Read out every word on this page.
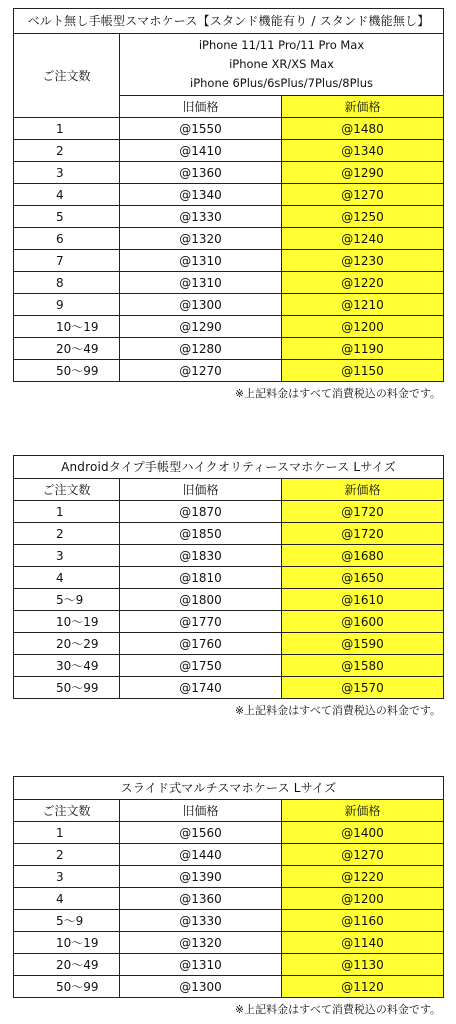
ベルト無し手帳型スマホケース【スタンド機能有り / スタンド機能無し】		
ご注文数	iPhone 11/11 Pro/11 Pro Max
iPhone XR/XS Max
iPhone 6Plus/6sPlus/7Plus/8Plus	

	旧価格	新価格
1	@1550	@1480
2	@1410	@1340
3	@1360	@1290
4	@1340	@1270
5	@1330	@1250
6	@1320	@1240
7	@1310	@1230
8	@1310	@1220
9	@1300	@1210
10〜19	@1290	@1200
20〜49	@1280	@1190
50〜99	@1270	@1150
※上記料金はすべて消費税込の料金です。
Androidタイプ手帳型ハイクオリティースマホケース Lサイズ		
ご注文数	旧価格	新価格
1	@1870	@1720
2	@1850	@1720
3	@1830	@1680
4	@1810	@1650
5〜9	@1800	@1610
10〜19	@1770	@1600
20〜29	@1760	@1590
30〜49	@1750	@1580
50〜99	@1740	@1570
※上記料金はすべて消費税込の料金です。
スライド式マルチスマホケース Lサイズ		
ご注文数	旧価格	新価格
1	@1560	@1400
2	@1440	@1270
3	@1390	@1220
4	@1360	@1200
5〜9	@1330	@1160
10〜19	@1320	@1140
20〜49	@1310	@1130
50〜99	@1300	@1120
※上記料金はすべて消費税込の料金です。
